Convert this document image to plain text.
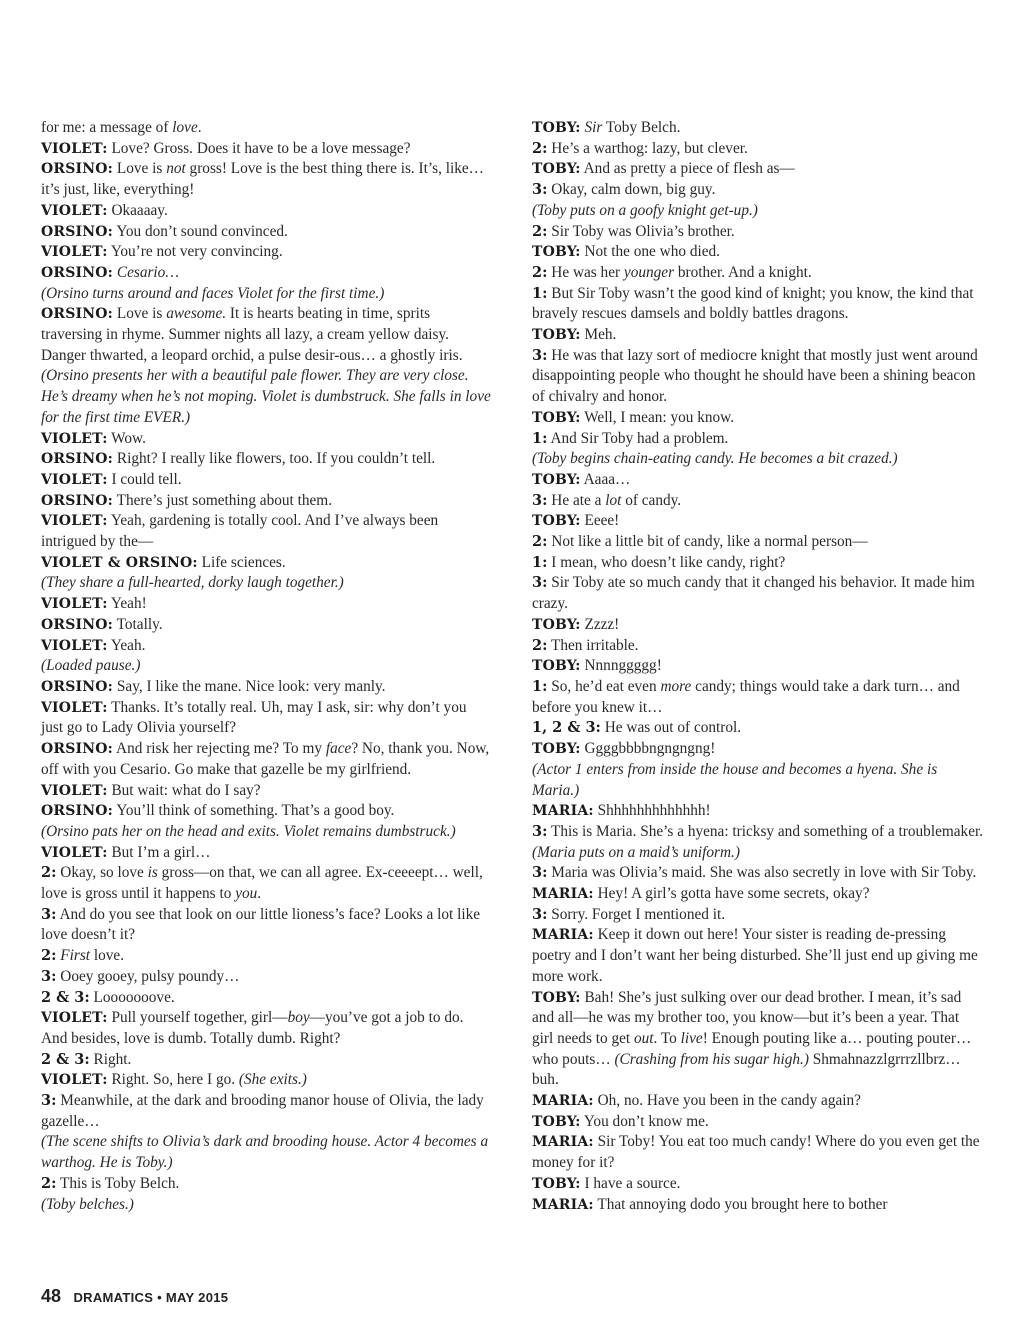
for me: a message of love.

VIOLET: Love? Gross. Does it have to be a love message?

ORSINO: Love is not gross! Love is the best thing there is. It’s, like… it’s just, like, everything!

VIOLET: Okaaaay.

ORSINO: You don’t sound convinced.

VIOLET: You’re not very convincing.

ORSINO: Cesario…

(Orsino turns around and faces Violet for the first time.)

ORSINO: Love is awesome. It is hearts beating in time, sprits traversing in rhyme. Summer nights all lazy, a cream yellow daisy. Danger thwarted, a leopard orchid, a pulse desir-ous… a ghostly iris.

(Orsino presents her with a beautiful pale flower. They are very close. He’s dreamy when he’s not moping. Violet is dumbstruck. She falls in love for the first time EVER.)

VIOLET: Wow.

ORSINO: Right? I really like flowers, too. If you couldn’t tell.

VIOLET: I could tell.

ORSINO: There’s just something about them.

VIOLET: Yeah, gardening is totally cool. And I’ve always been intrigued by the—

VIOLET & ORSINO: Life sciences.

(They share a full-hearted, dorky laugh together.)

VIOLET: Yeah!

ORSINO: Totally.

VIOLET: Yeah.

(Loaded pause.)

ORSINO: Say, I like the mane. Nice look: very manly.

VIOLET: Thanks. It’s totally real. Uh, may I ask, sir: why don’t you just go to Lady Olivia yourself?

ORSINO: And risk her rejecting me? To my face? No, thank you. Now, off with you Cesario. Go make that gazelle be my girlfriend.

VIOLET: But wait: what do I say?

ORSINO: You’ll think of something. That’s a good boy.

(Orsino pats her on the head and exits. Violet remains dumbstruck.)

VIOLET: But I’m a girl…

2: Okay, so love is gross—on that, we can all agree. Ex-ceeeept… well, love is gross until it happens to you.

3: And do you see that look on our little lioness’s face? Looks a lot like love doesn’t it?

2: First love.

3: Ooey gooey, pulsy poundy…

2 & 3: Looooooove.

VIOLET: Pull yourself together, girl—boy—you’ve got a job to do. And besides, love is dumb. Totally dumb. Right?

2 & 3: Right.

VIOLET: Right. So, here I go. (She exits.)

3: Meanwhile, at the dark and brooding manor house of Olivia, the lady gazelle…

(The scene shifts to Olivia’s dark and brooding house. Actor 4 becomes a warthog. He is Toby.)

2: This is Toby Belch.

(Toby belches.)

TOBY: Sir Toby Belch.

2: He’s a warthog: lazy, but clever.

TOBY: And as pretty a piece of flesh as—

3: Okay, calm down, big guy.

(Toby puts on a goofy knight get-up.)

2: Sir Toby was Olivia’s brother.

TOBY: Not the one who died.

2: He was her younger brother. And a knight.

1: But Sir Toby wasn’t the good kind of knight; you know, the kind that bravely rescues damsels and boldly battles dragons.

TOBY: Meh.

3: He was that lazy sort of mediocre knight that mostly just went around disappointing people who thought he should have been a shining beacon of chivalry and honor.

TOBY: Well, I mean: you know.

1: And Sir Toby had a problem.

(Toby begins chain-eating candy. He becomes a bit crazed.)

TOBY: Aaaa…

3: He ate a lot of candy.

TOBY: Eeee!

2: Not like a little bit of candy, like a normal person—

1: I mean, who doesn’t like candy, right?

3: Sir Toby ate so much candy that it changed his behavior. It made him crazy.

TOBY: Zzzz!

2: Then irritable.

TOBY: Nnnnggggg!

1: So, he’d eat even more candy; things would take a dark turn… and before you knew it…

1, 2 & 3: He was out of control.

TOBY: Ggggbbbbngngngng!

(Actor 1 enters from inside the house and becomes a hyena. She is Maria.)

MARIA: Shhhhhhhhhhhhh!

3: This is Maria. She’s a hyena: tricksy and something of a troublemaker.

(Maria puts on a maid’s uniform.)

3: Maria was Olivia’s maid. She was also secretly in love with Sir Toby.

MARIA: Hey! A girl’s gotta have some secrets, okay?

3: Sorry. Forget I mentioned it.

MARIA: Keep it down out here! Your sister is reading de-pressing poetry and I don’t want her being disturbed. She’ll just end up giving me more work.

TOBY: Bah! She’s just sulking over our dead brother. I mean, it’s sad and all—he was my brother too, you know—but it’s been a year. That girl needs to get out. To live! Enough pouting like a… pouting pouter… who pouts… (Crashing from his sugar high.) Shmahnazzlgrrrzllbrz… buh.

MARIA: Oh, no. Have you been in the candy again?

TOBY: You don’t know me.

MARIA: Sir Toby! You eat too much candy! Where do you even get the money for it?

TOBY: I have a source.

MARIA: That annoying dodo you brought here to bother

48 DRAMATICS • MAY 2015
